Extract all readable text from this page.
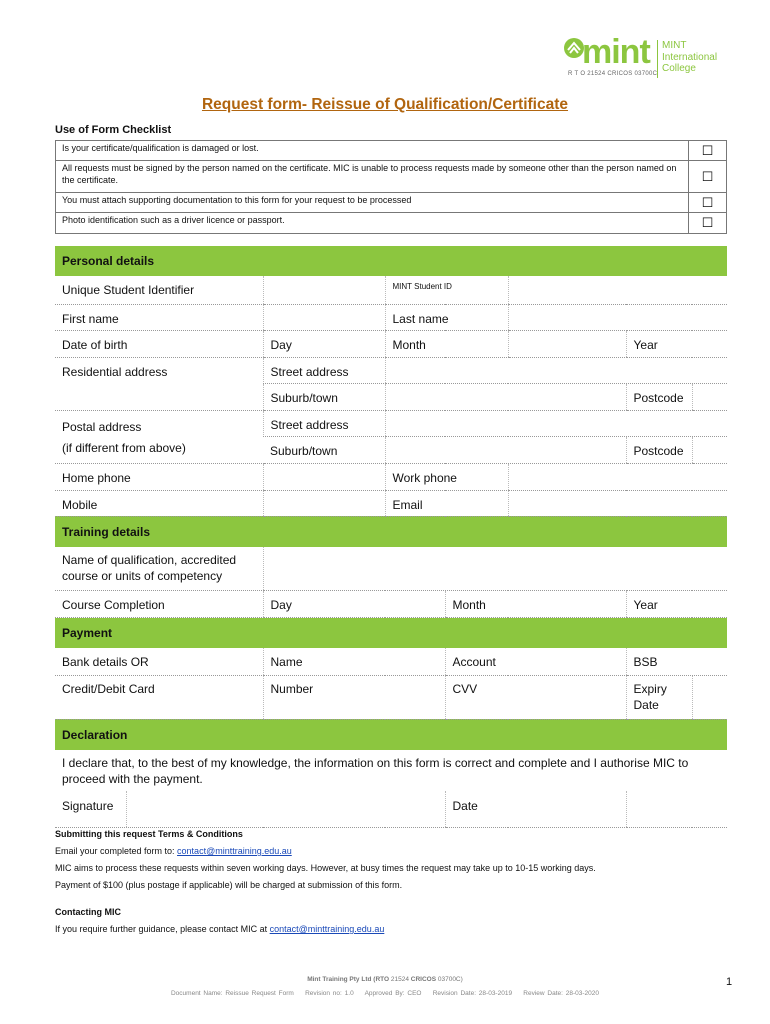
mint MINT
International
College
R T O 21524 CRICOS 03700C
Request form- Reissue of Qualification/Certificate
Use of Form Checklist
Is your certificate/qualification is damaged or lost.	☐
All requests must be signed by the person named on the certificate. MIC is unable to process requests made by someone other than the person named on the certificate.	☐
You must attach supporting documentation to this form for your request to be processed	☐
Photo identification such as a driver licence or passport.	☐
Personal details						
Unique Student Identifier		MINT Student ID				
First name		Last name				
Date of birth	Day	Month			Year	
Residential address	Street address					
	Suburb/town				Postcode	

Postal address
(if different from above)	Street address					
	Suburb/town				Postcode	
Home phone		Work phone				
Mobile		Email				
Training details						
Name of qualification, accredited course or units of competency						
Course Completion	Day		Month		Year	
Payment						
Bank details OR	Name		Account		BSB	
Credit/Debit Card	Number		CVV		Expiry Date	
Declaration						
I declare that, to the best of my knowledge, the information on this form is correct and complete and I authorise MIC to proceed with the payment.						

Signature			Date			
Submitting this request Terms & Conditions
Email your completed form to: contact@minttraining.edu.au
MIC aims to process these requests within seven working days. However, at busy times the request may take up to 10-15 working days.
Payment of $100 (plus postage if applicable) will be charged at submission of this form.
Contacting MIC
If you require further guidance, please contact MIC at contact@minttraining.edu.au
Mint Training Pty Ltd (RTO 21524 CRICOS 03700C)
Document Name: Reissue Request Form Revision no: 1.0 Approved By: CEO Revision Date: 28-03-2019 Review Date: 28-03-2020
1
